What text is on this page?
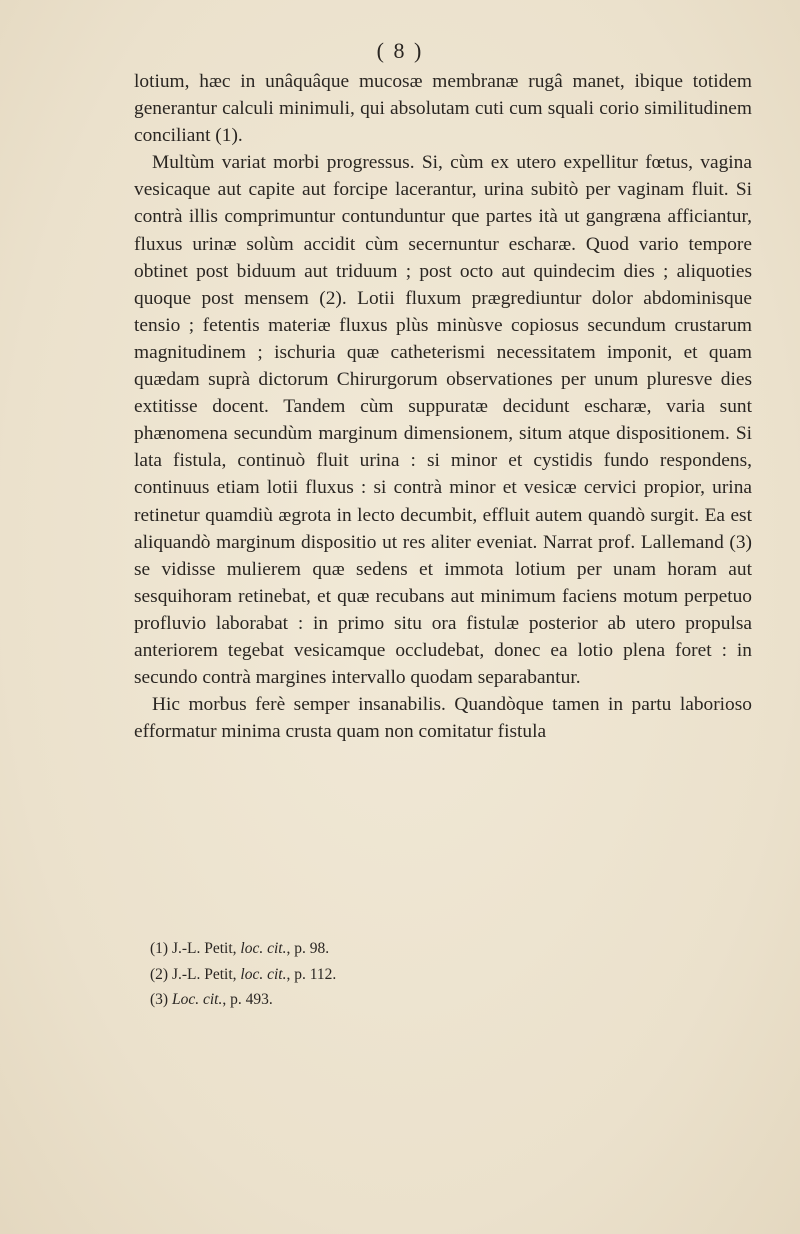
( 8 )

lotium, hæc in unâquâque mucosæ membranæ rugâ manet, ibique totidem generantur calculi minimuli, qui absolutam cuti cum squali corio similitudinem conciliant (1).

Multùm variat morbi progressus. Si, cùm ex utero expellitur fœtus, vagina vesicaque aut capite aut forcipe lacerantur, urina subitò per vaginam fluit. Si contrà illis comprimuntur contunduntur que partes ità ut gangræna afficiantur, fluxus urinæ solùm accidit cùm secernuntur escharæ. Quod vario tempore obtinet post biduum aut triduum ; post octo aut quindecim dies ; aliquoties quoque post mensem (2). Lotii fluxum prægrediuntur dolor abdominisque tensio ; fetentis materiæ fluxus plùs minùsve copiosus secundum crustarum magnitudinem ; ischuria quæ catheterismi necessitatem imponit, et quam quædam suprà dictorum Chirurgorum observationes per unum pluresve dies extitisse docent. Tandem cùm suppuratæ decidunt escharæ, varia sunt phænomena secundùm marginum dimensionem, situm atque dispositionem. Si lata fistula, continuò fluit urina : si minor et cystidis fundo respondens, continuus etiam lotii fluxus : si contrà minor et vesicæ cervici propior, urina retinetur quamdiù ægrota in lecto decumbit, effluit autem quandò surgit. Ea est aliquandò marginum dispositio ut res aliter eveniat. Narrat prof. Lallemand (3) se vidisse mulierem quæ sedens et immota lotium per unam horam aut sesquihoram retinebat, et quæ recubans aut minimum faciens motum perpetuo profluvio laborabat : in primo situ ora fistulæ posterior ab utero propulsa anteriorem tegebat vesicamque occludebat, donec ea lotio plena foret : in secundo contrà margines intervallo quodam separabantur.

Hic morbus ferè semper insanabilis. Quandòque tamen in partu laborioso efformatur minima crusta quam non comitatur fistula

(1) J.-L. Petit, loc. cit., p. 98.

(2) J.-L. Petit, loc. cit., p. 112.

(3) Loc. cit., p. 493.
